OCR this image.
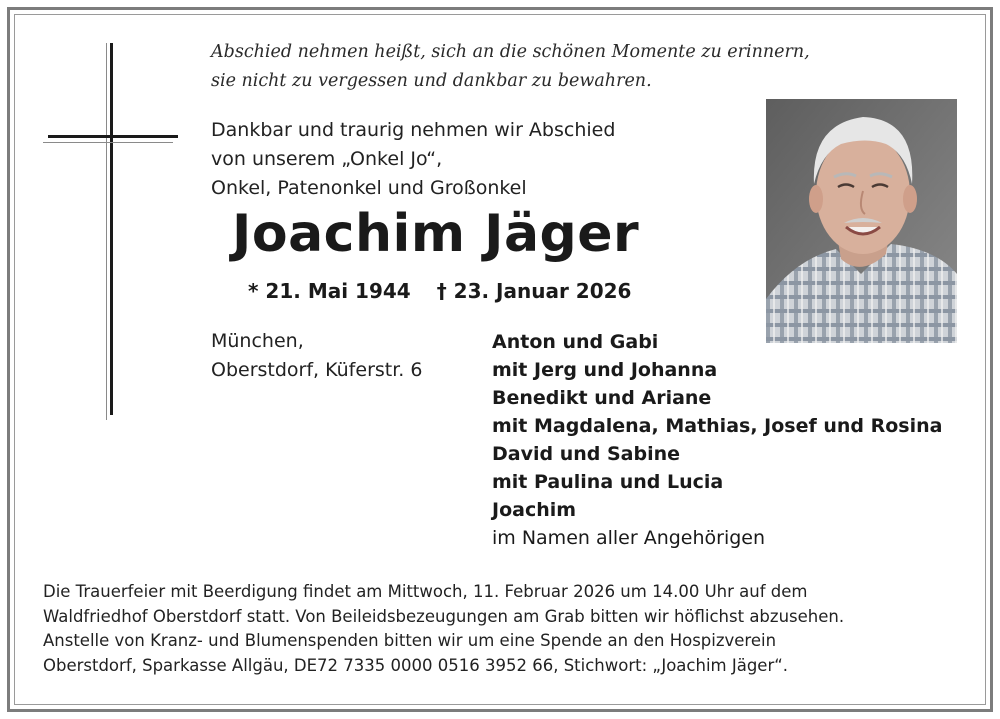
Abschied nehmen heißt, sich an die schönen Momente zu erinnern,
sie nicht zu vergessen und dankbar zu bewahren.
Dankbar und traurig nehmen wir Abschied
von unserem „Onkel Jo“,
Onkel, Patenonkel und Großonkel
Joachim Jäger
* 21. Mai 1944 † 23. Januar 2026
München,
Oberstdorf, Küferstr. 6
Anton und Gabi
mit Jerg und Johanna
Benedikt und Ariane
mit Magdalena, Mathias, Josef und Rosina
David und Sabine
mit Paulina und Lucia
Joachim
im Namen aller Angehörigen
Die Trauerfeier mit Beerdigung findet am Mittwoch, 11. Februar 2026 um 14.00 Uhr auf dem
Waldfriedhof Oberstdorf statt. Von Beileidsbezeugungen am Grab bitten wir höflichst abzusehen.
Anstelle von Kranz- und Blumenspenden bitten wir um eine Spende an den Hospizverein
Oberstdorf, Sparkasse Allgäu, DE72 7335 0000 0516 3952 66, Stichwort: „Joachim Jäger“.
